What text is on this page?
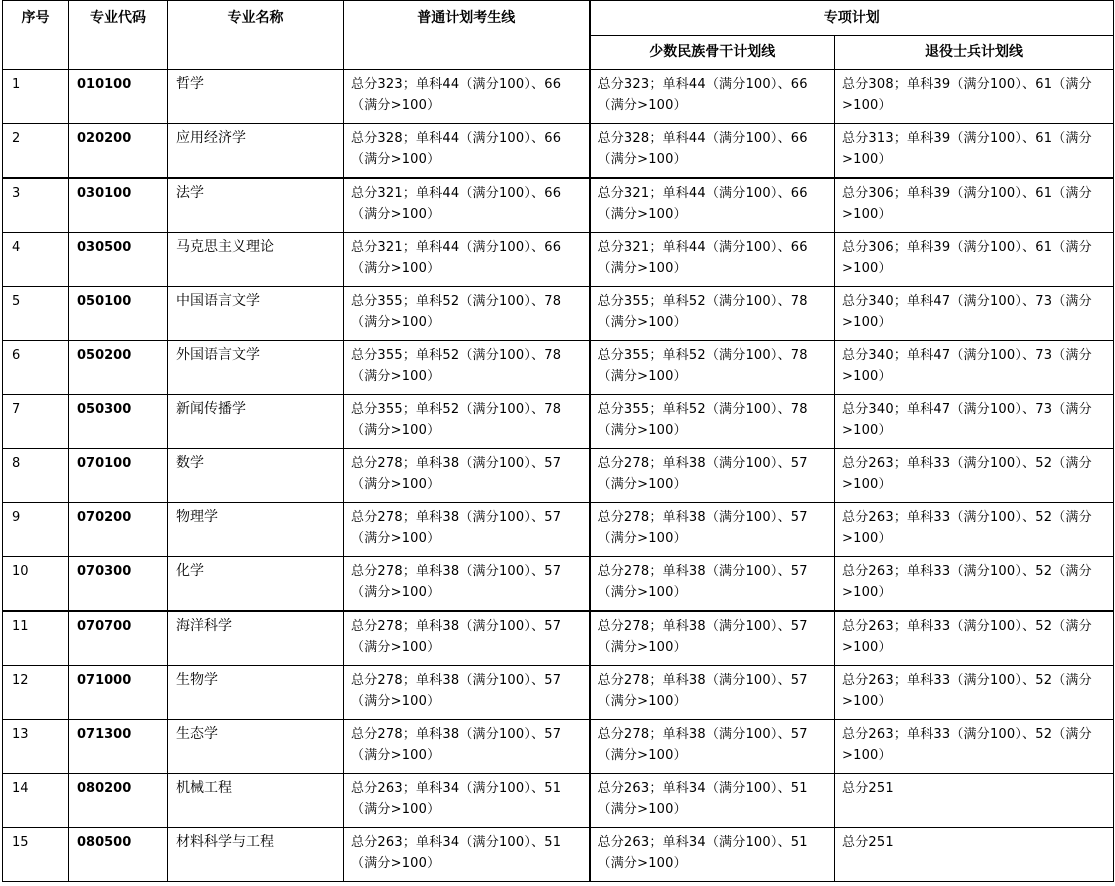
序号	专业代码	专业名称	普通计划考生线	专项计划	
				少数民族骨干计划线	退役士兵计划线
1	010100	哲学	总分323；单科44（满分100）、66（满分>100）	总分323；单科44（满分100）、66（满分>100）	总分308；单科39（满分100）、61（满分>100）
2	020200	应用经济学	总分328；单科44（满分100）、66（满分>100）	总分328；单科44（满分100）、66（满分>100）	总分313；单科39（满分100）、61（满分>100）
3	030100	法学	总分321；单科44（满分100）、66（满分>100）	总分321；单科44（满分100）、66（满分>100）	总分306；单科39（满分100）、61（满分>100）
4	030500	马克思主义理论	总分321；单科44（满分100）、66（满分>100）	总分321；单科44（满分100）、66（满分>100）	总分306；单科39（满分100）、61（满分>100）
5	050100	中国语言文学	总分355；单科52（满分100）、78（满分>100）	总分355；单科52（满分100）、78（满分>100）	总分340；单科47（满分100）、73（满分>100）
6	050200	外国语言文学	总分355；单科52（满分100）、78（满分>100）	总分355；单科52（满分100）、78（满分>100）	总分340；单科47（满分100）、73（满分>100）
7	050300	新闻传播学	总分355；单科52（满分100）、78（满分>100）	总分355；单科52（满分100）、78（满分>100）	总分340；单科47（满分100）、73（满分>100）
8	070100	数学	总分278；单科38（满分100）、57（满分>100）	总分278；单科38（满分100）、57（满分>100）	总分263；单科33（满分100）、52（满分>100）
9	070200	物理学	总分278；单科38（满分100）、57（满分>100）	总分278；单科38（满分100）、57（满分>100）	总分263；单科33（满分100）、52（满分>100）
10	070300	化学	总分278；单科38（满分100）、57（满分>100）	总分278；单科38（满分100）、57（满分>100）	总分263；单科33（满分100）、52（满分>100）
11	070700	海洋科学	总分278；单科38（满分100）、57（满分>100）	总分278；单科38（满分100）、57（满分>100）	总分263；单科33（满分100）、52（满分>100）
12	071000	生物学	总分278；单科38（满分100）、57（满分>100）	总分278；单科38（满分100）、57（满分>100）	总分263；单科33（满分100）、52（满分>100）
13	071300	生态学	总分278；单科38（满分100）、57（满分>100）	总分278；单科38（满分100）、57（满分>100）	总分263；单科33（满分100）、52（满分>100）
14	080200	机械工程	总分263；单科34（满分100）、51（满分>100）	总分263；单科34（满分100）、51（满分>100）	总分251
15	080500	材料科学与工程	总分263；单科34（满分100）、51（满分>100）	总分263；单科34（满分100）、51（满分>100）	总分251
